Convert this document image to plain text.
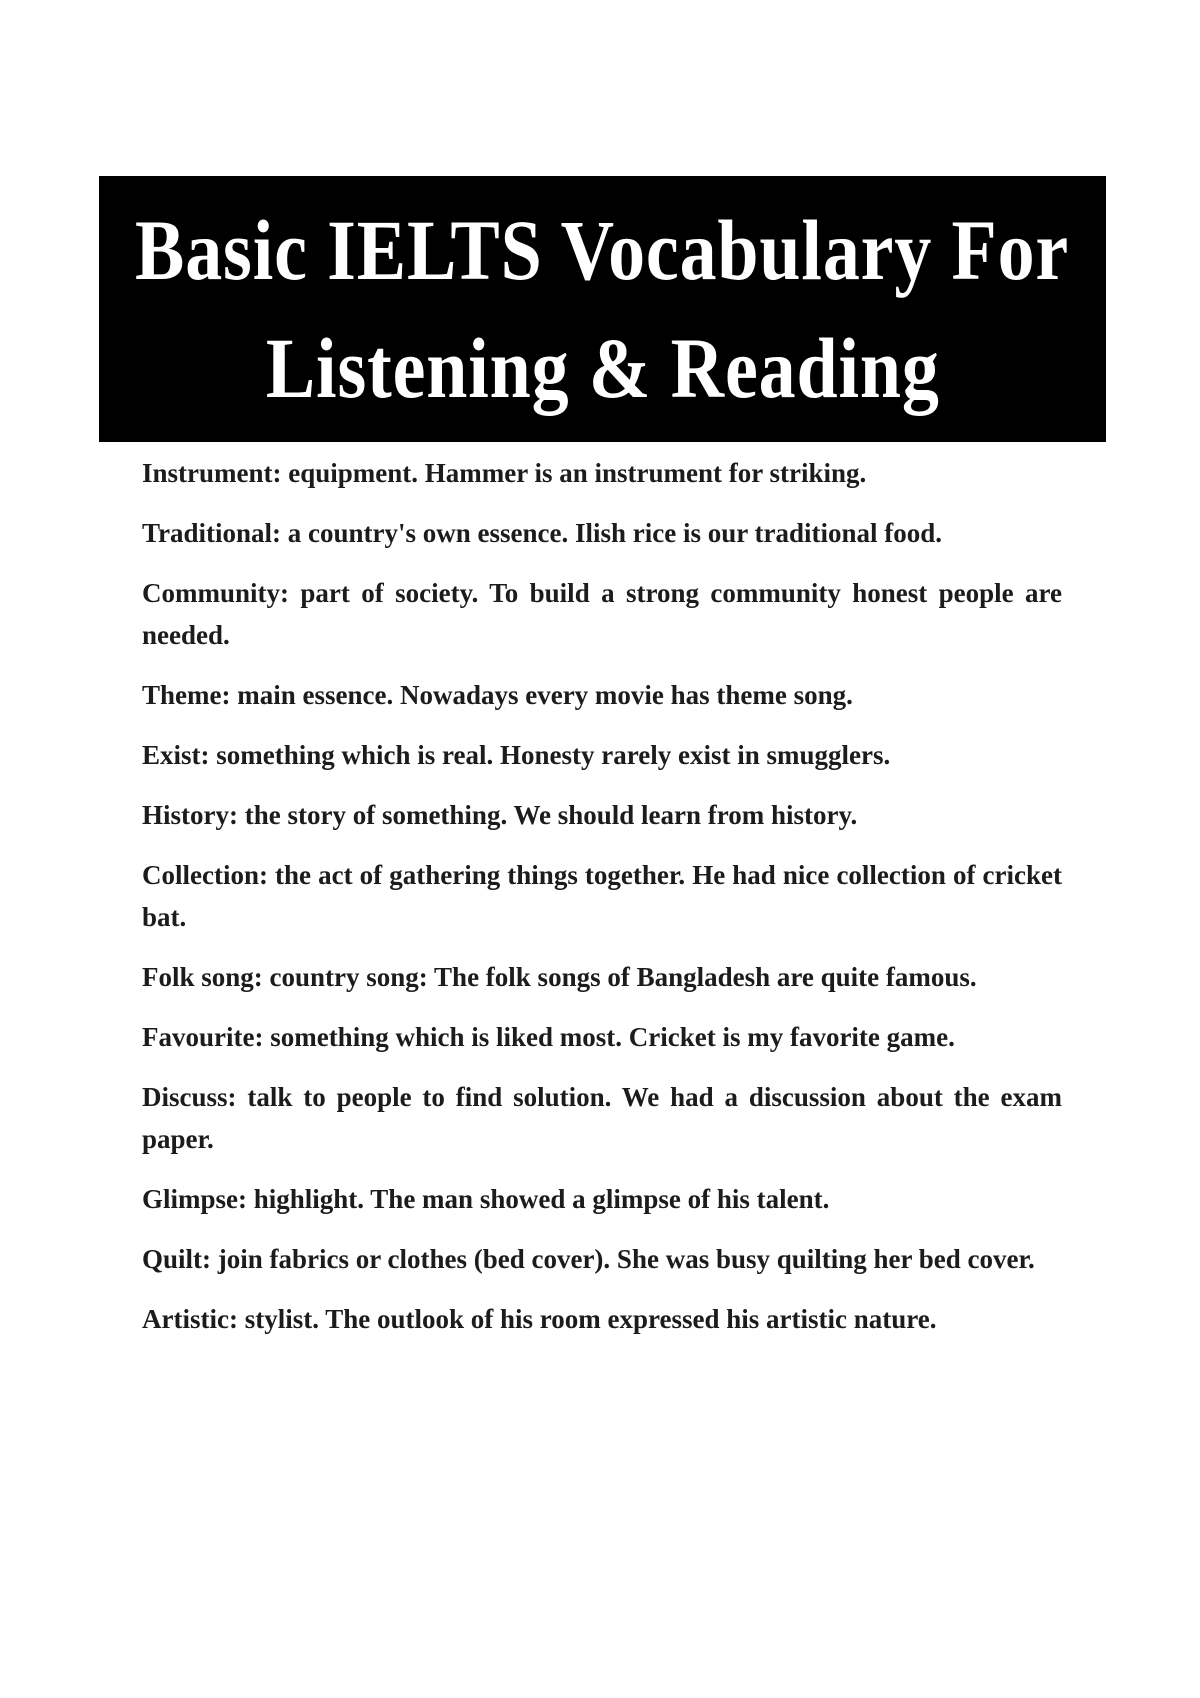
Basic IELTS Vocabulary For
Listening & Reading

Instrument: equipment. Hammer is an instrument for striking.

Traditional: a country's own essence. Ilish rice is our traditional food.

Community: part of society. To build a strong community honest people are needed.

Theme: main essence. Nowadays every movie has theme song.

Exist: something which is real. Honesty rarely exist in smugglers.

History: the story of something. We should learn from history.

Collection: the act of gathering things together. He had nice collection of cricket bat.

Folk song: country song: The folk songs of Bangladesh are quite famous.

Favourite: something which is liked most. Cricket is my favorite game.

Discuss: talk to people to find solution. We had a discussion about the exam paper.

Glimpse: highlight. The man showed a glimpse of his talent.

Quilt: join fabrics or clothes (bed cover). She was busy quilting her bed cover.

Artistic: stylist. The outlook of his room expressed his artistic nature.
